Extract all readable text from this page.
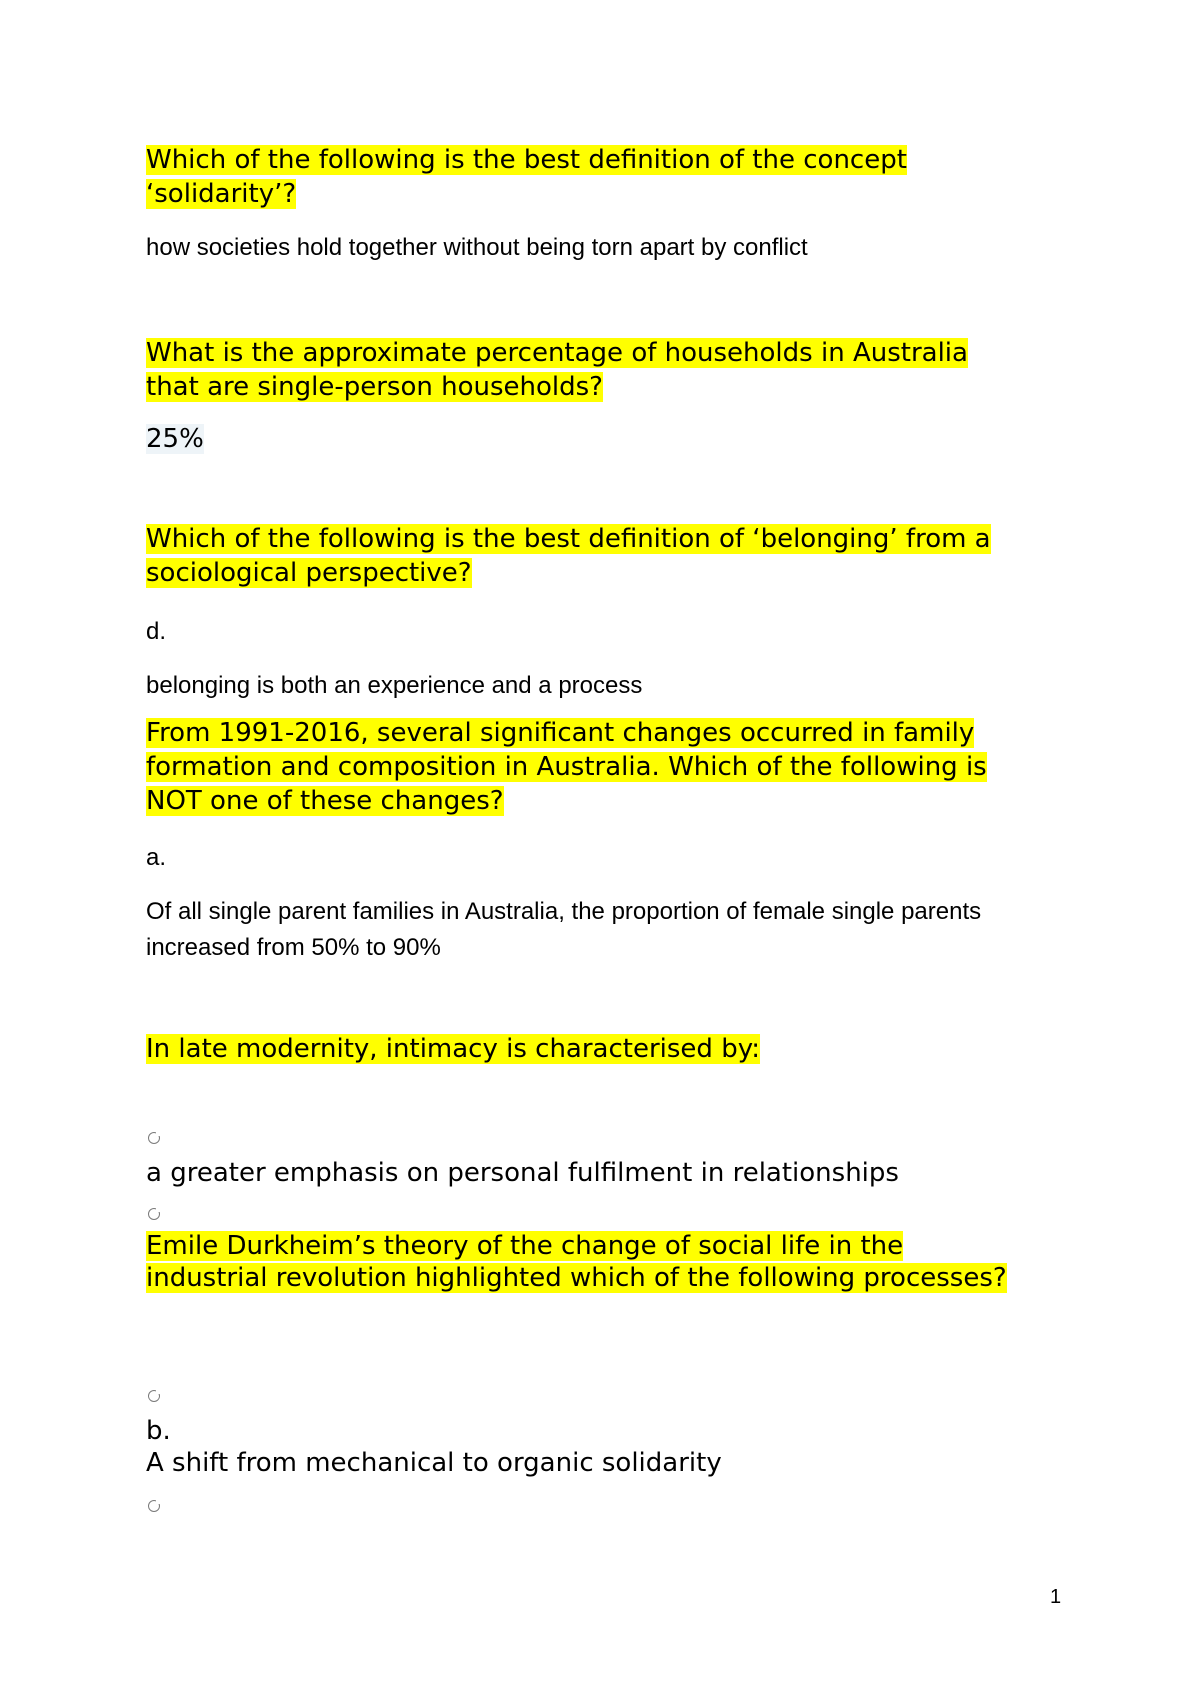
Which of the following is the best definition of the concept
‘solidarity’?
how societies hold together without being torn apart by conflict
What is the approximate percentage of households in Australia
that are single-person households?
25%
Which of the following is the best definition of ‘belonging’ from a
sociological perspective?
d.
belonging is both an experience and a process
From 1991-2016, several significant changes occurred in family
formation and composition in Australia. Which of the following is
NOT one of these changes?
a.
Of all single parent families in Australia, the proportion of female single parents
increased from 50% to 90%
In late modernity, intimacy is characterised by:
a greater emphasis on personal fulfilment in relationships
Emile Durkheim’s theory of the change of social life in the
industrial revolution highlighted which of the following processes?
b.
A shift from mechanical to organic solidarity
1
